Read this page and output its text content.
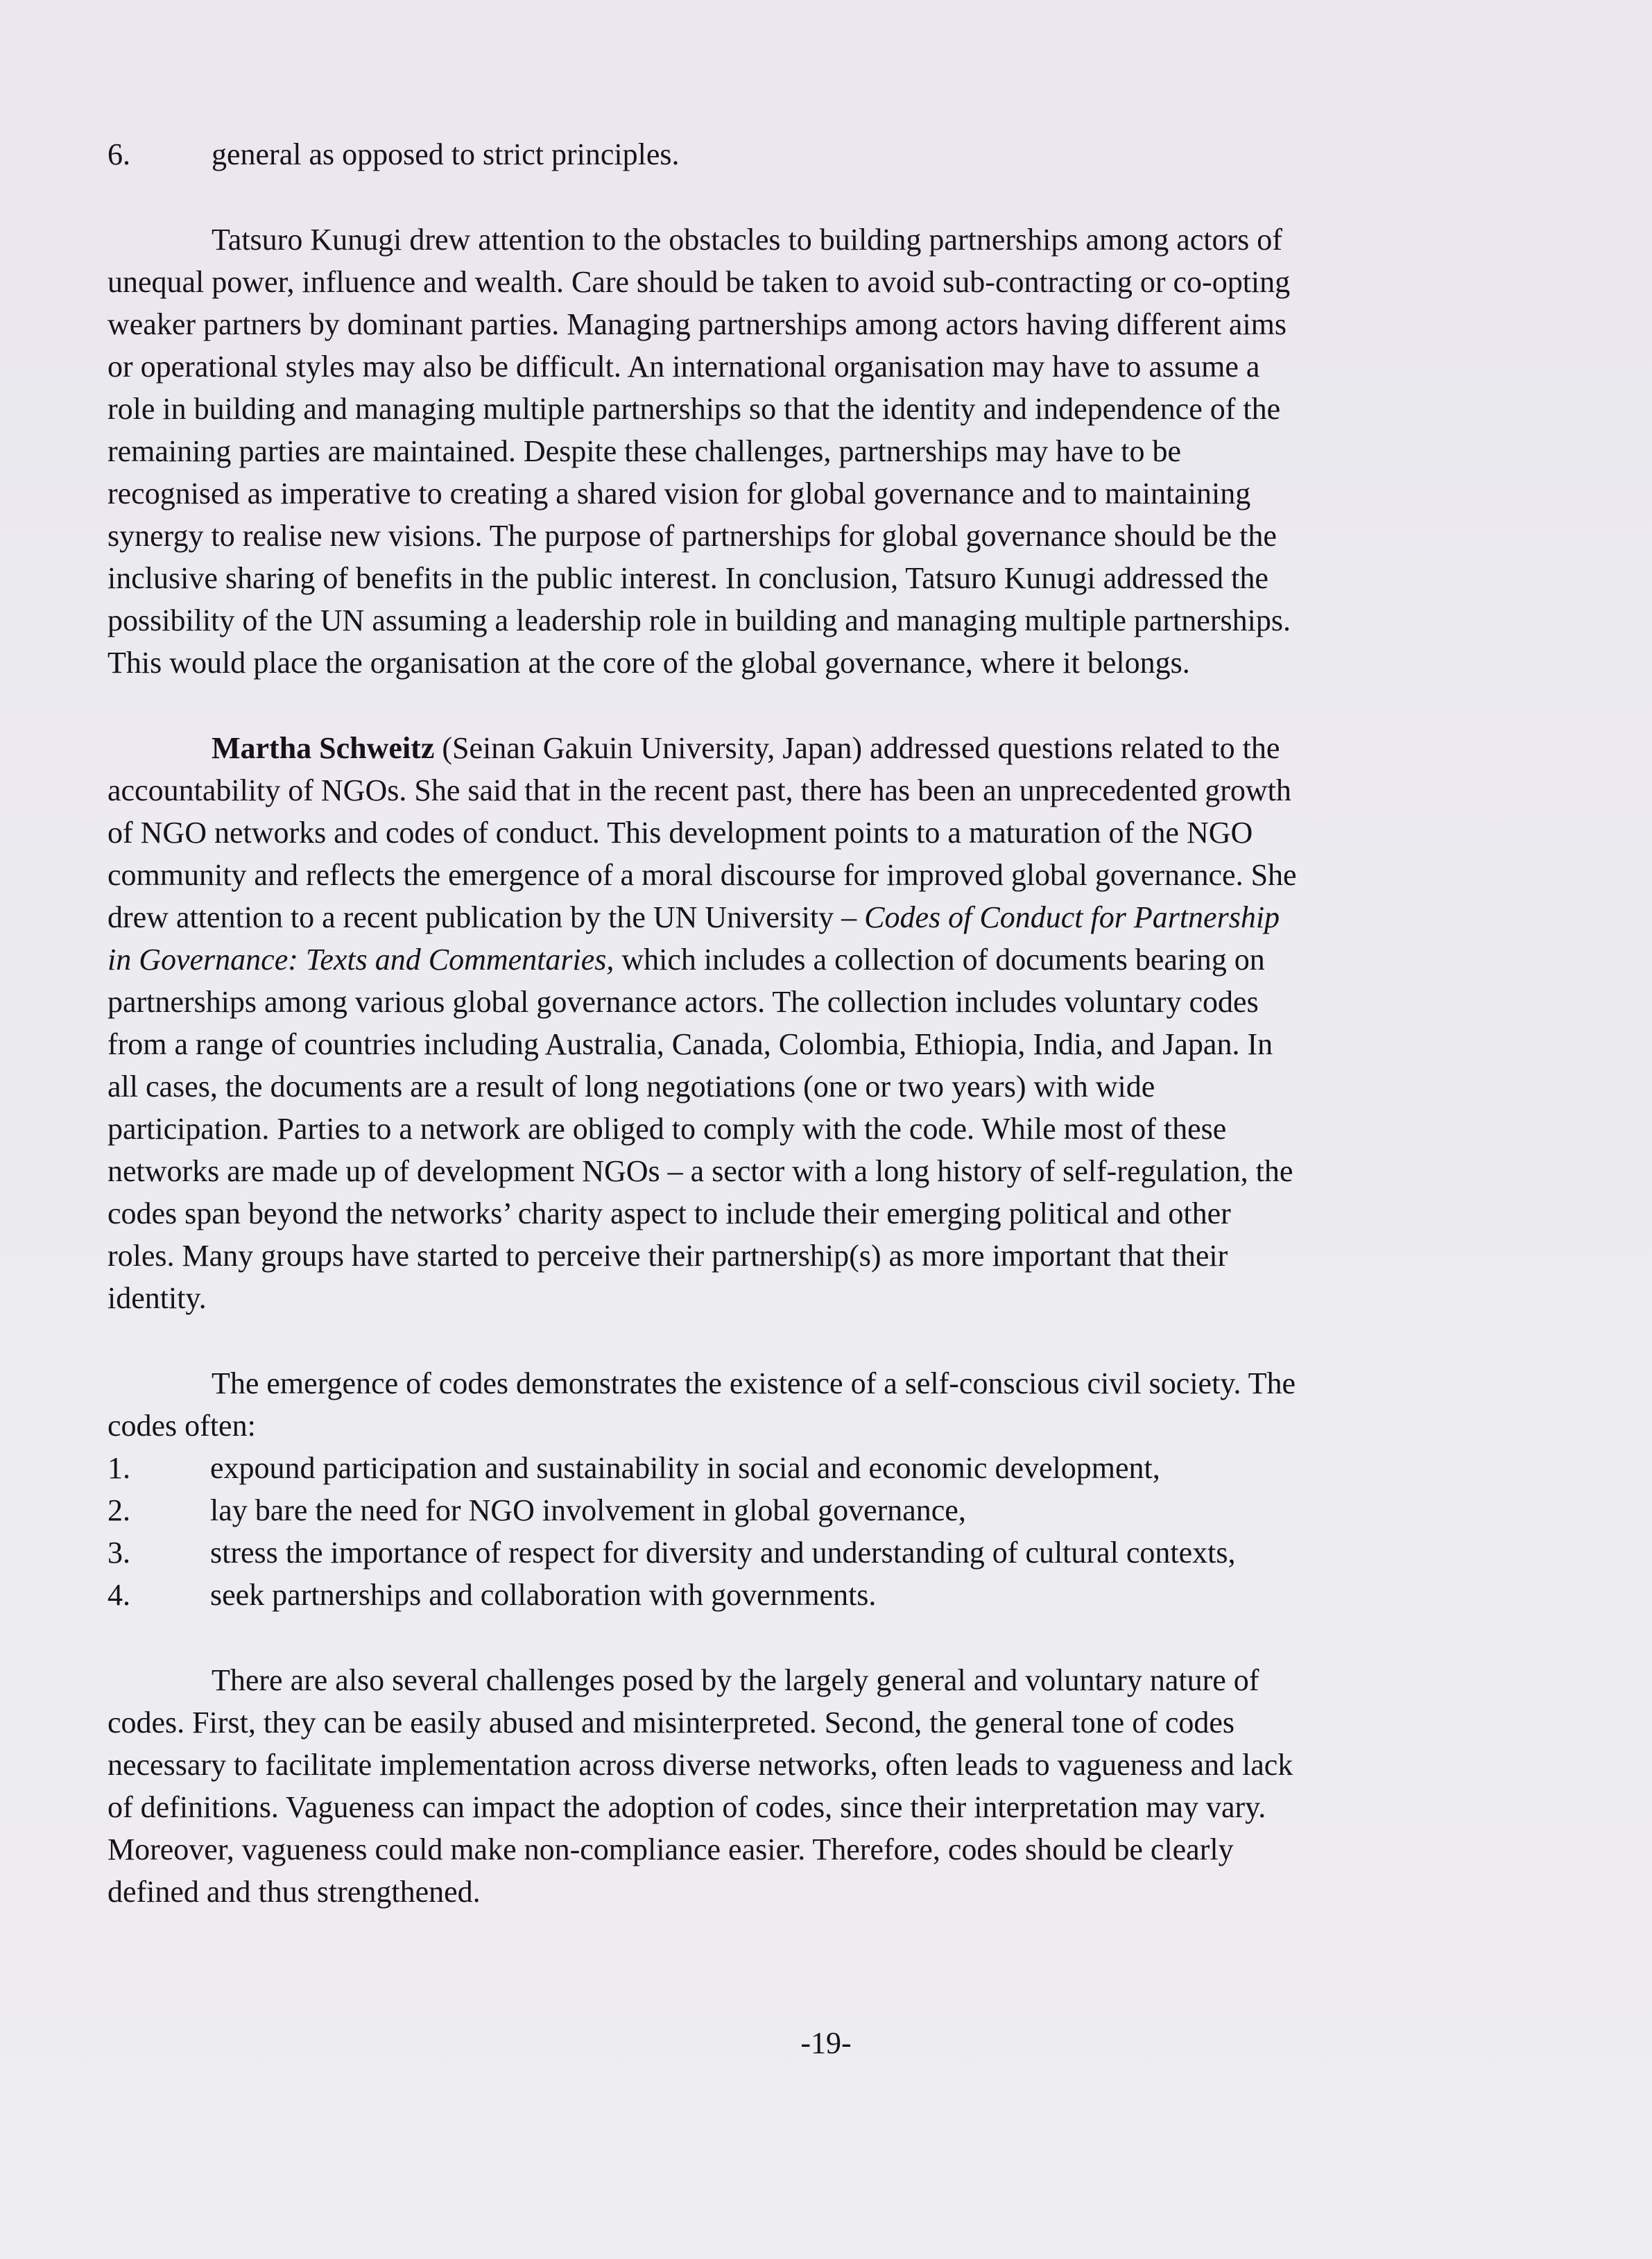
6.	general as opposed to strict principles.
Tatsuro Kunugi drew attention to the obstacles to building partnerships among actors of
unequal power, influence and wealth. Care should be taken to avoid sub-contracting or co-opting
weaker partners by dominant parties. Managing partnerships among actors having different aims
or operational styles may also be difficult. An international organisation may have to assume a
role in building and managing multiple partnerships so that the identity and independence of the
remaining parties are maintained. Despite these challenges, partnerships may have to be
recognised as imperative to creating a shared vision for global governance and to maintaining
synergy to realise new visions. The purpose of partnerships for global governance should be the
inclusive sharing of benefits in the public interest. In conclusion, Tatsuro Kunugi addressed the
possibility of the UN assuming a leadership role in building and managing multiple partnerships.
This would place the organisation at the core of the global governance, where it belongs.
Martha Schweitz (Seinan Gakuin University, Japan) addressed questions related to the
accountability of NGOs. She said that in the recent past, there has been an unprecedented growth
of NGO networks and codes of conduct. This development points to a maturation of the NGO
community and reflects the emergence of a moral discourse for improved global governance. She
drew attention to a recent publication by the UN University – Codes of Conduct for Partnership
in Governance: Texts and Commentaries, which includes a collection of documents bearing on
partnerships among various global governance actors. The collection includes voluntary codes
from a range of countries including Australia, Canada, Colombia, Ethiopia, India, and Japan. In
all cases, the documents are a result of long negotiations (one or two years) with wide
participation. Parties to a network are obliged to comply with the code. While most of these
networks are made up of development NGOs – a sector with a long history of self-regulation, the
codes span beyond the networks’ charity aspect to include their emerging political and other
roles. Many groups have started to perceive their partnership(s) as more important that their
identity.
The emergence of codes demonstrates the existence of a self-conscious civil society. The
codes often:
1.	expound participation and sustainability in social and economic development,
2.	lay bare the need for NGO involvement in global governance,
3.	stress the importance of respect for diversity and understanding of cultural contexts,
4.	seek partnerships and collaboration with governments.
There are also several challenges posed by the largely general and voluntary nature of
codes. First, they can be easily abused and misinterpreted. Second, the general tone of codes
necessary to facilitate implementation across diverse networks, often leads to vagueness and lack
of definitions. Vagueness can impact the adoption of codes, since their interpretation may vary.
Moreover, vagueness could make non-compliance easier. Therefore, codes should be clearly
defined and thus strengthened.
-19-
